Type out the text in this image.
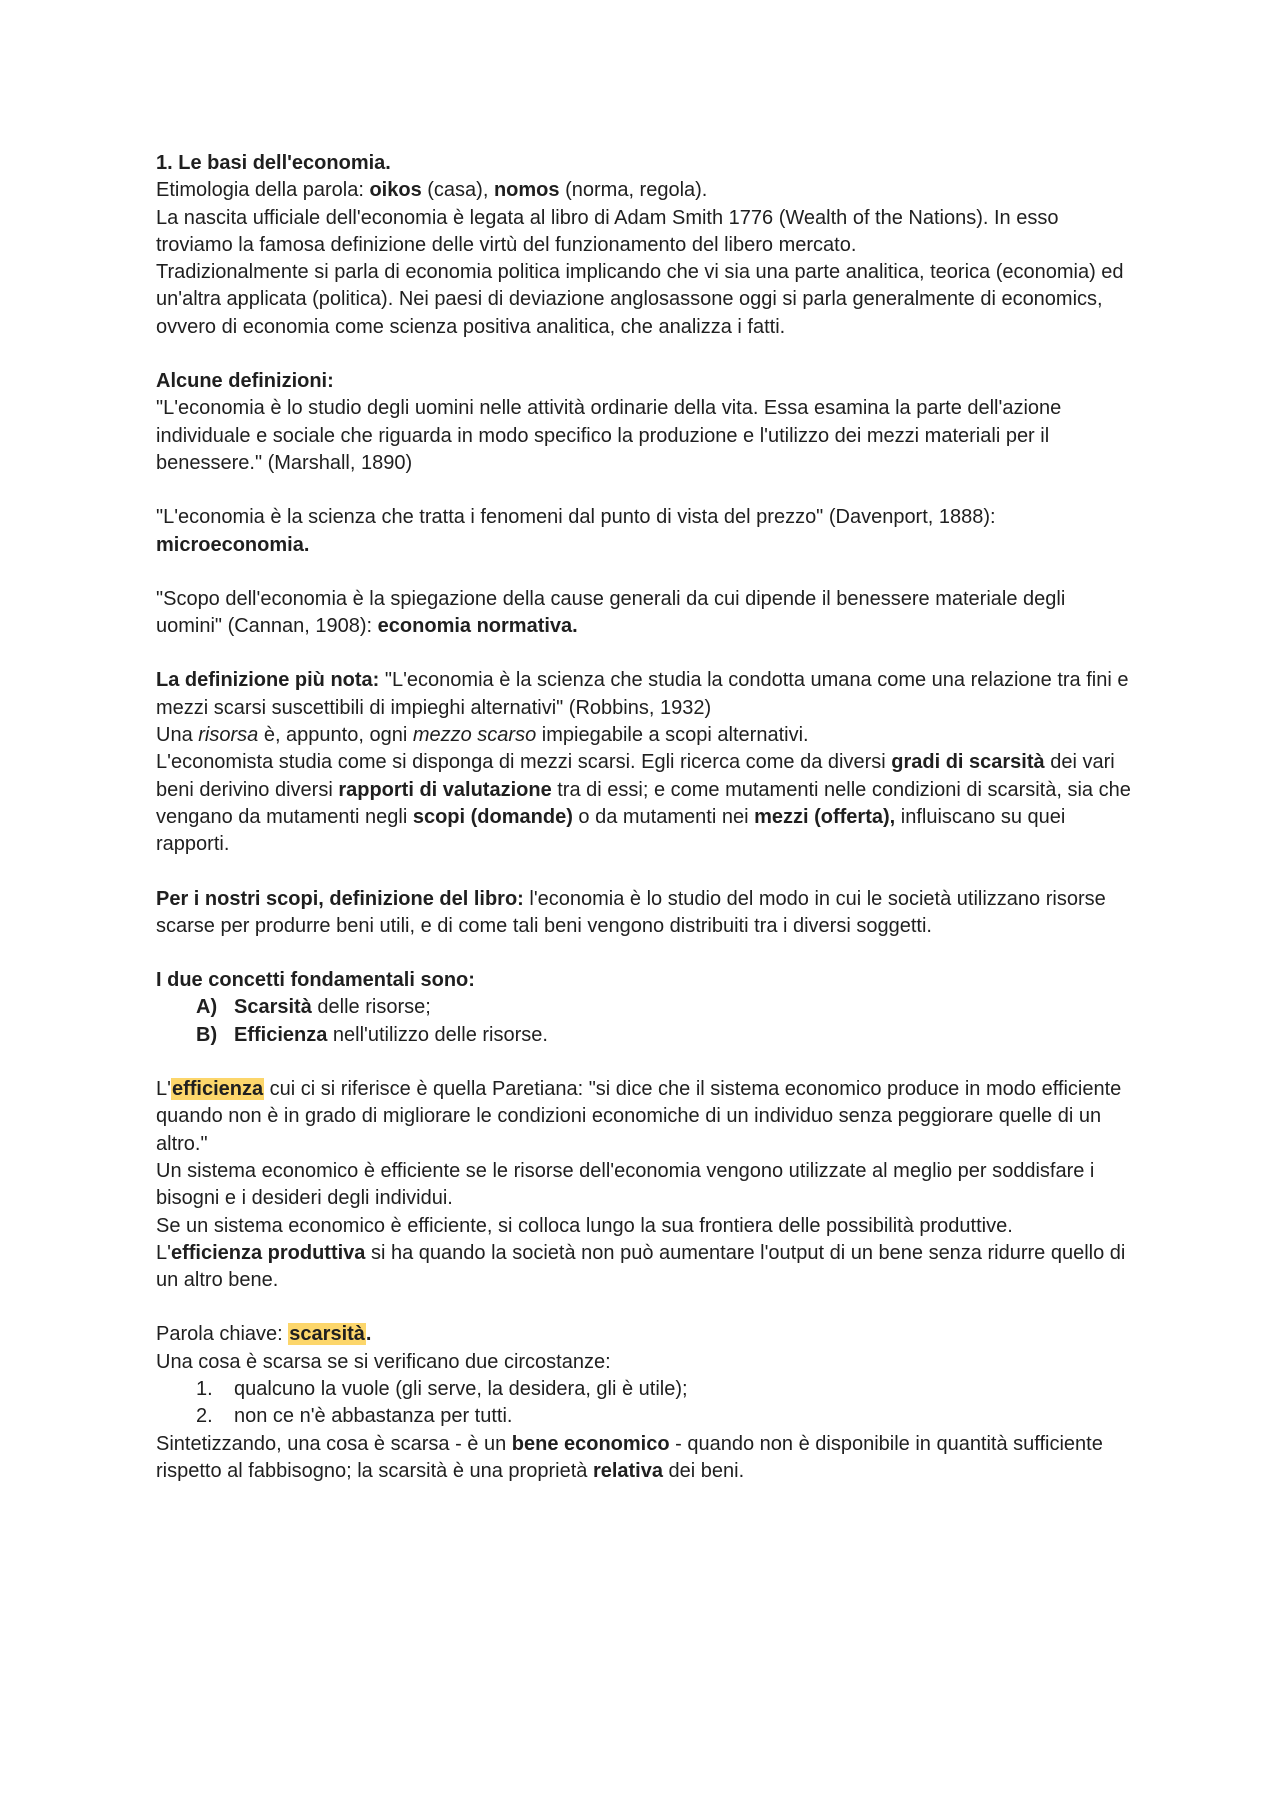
1. Le basi dell'economia.

Etimologia della parola: oikos (casa), nomos (norma, regola).

La nascita ufficiale dell'economia è legata al libro di Adam Smith 1776 (Wealth of the Nations). In esso troviamo la famosa definizione delle virtù del funzionamento del libero mercato.

Tradizionalmente si parla di economia politica implicando che vi sia una parte analitica, teorica (economia) ed un'altra applicata (politica). Nei paesi di deviazione anglosassone oggi si parla generalmente di economics, ovvero di economia come scienza positiva analitica, che analizza i fatti.

Alcune definizioni:

"L'economia è lo studio degli uomini nelle attività ordinarie della vita. Essa esamina la parte dell'azione individuale e sociale che riguarda in modo specifico la produzione e l'utilizzo dei mezzi materiali per il benessere." (Marshall, 1890)

"L'economia è la scienza che tratta i fenomeni dal punto di vista del prezzo" (Davenport, 1888): microeconomia.

"Scopo dell'economia è la spiegazione della cause generali da cui dipende il benessere materiale degli uomini" (Cannan, 1908): economia normativa.

La definizione più nota: "L'economia è la scienza che studia la condotta umana come una relazione tra fini e mezzi scarsi suscettibili di impieghi alternativi" (Robbins, 1932)

Una risorsa è, appunto, ogni mezzo scarso impiegabile a scopi alternativi.

L'economista studia come si disponga di mezzi scarsi. Egli ricerca come da diversi gradi di scarsità dei vari beni derivino diversi rapporti di valutazione tra di essi; e come mutamenti nelle condizioni di scarsità, sia che vengano da mutamenti negli scopi (domande) o da mutamenti nei mezzi (offerta), influiscano su quei rapporti.

Per i nostri scopi, definizione del libro: l'economia è lo studio del modo in cui le società utilizzano risorse scarse per produrre beni utili, e di come tali beni vengono distribuiti tra i diversi soggetti.

I due concetti fondamentali sono:

A) Scarsità delle risorse;
B) Efficienza nell'utilizzo delle risorse.

L'efficienza cui ci si riferisce è quella Paretiana: "si dice che il sistema economico produce in modo efficiente quando non è in grado di migliorare le condizioni economiche di un individuo senza peggiorare quelle di un altro."

Un sistema economico è efficiente se le risorse dell'economia vengono utilizzate al meglio per soddisfare i bisogni e i desideri degli individui.

Se un sistema economico è efficiente, si colloca lungo la sua frontiera delle possibilità produttive.

L'efficienza produttiva si ha quando la società non può aumentare l'output di un bene senza ridurre quello di un altro bene.

Parola chiave: scarsità.

Una cosa è scarsa se si verificano due circostanze:

1.	qualcuno la vuole (gli serve, la desidera, gli è utile);
2.	non ce n'è abbastanza per tutti.

Sintetizzando, una cosa è scarsa - è un bene economico - quando non è disponibile in quantità sufficiente rispetto al fabbisogno; la scarsità è una proprietà relativa dei beni.
